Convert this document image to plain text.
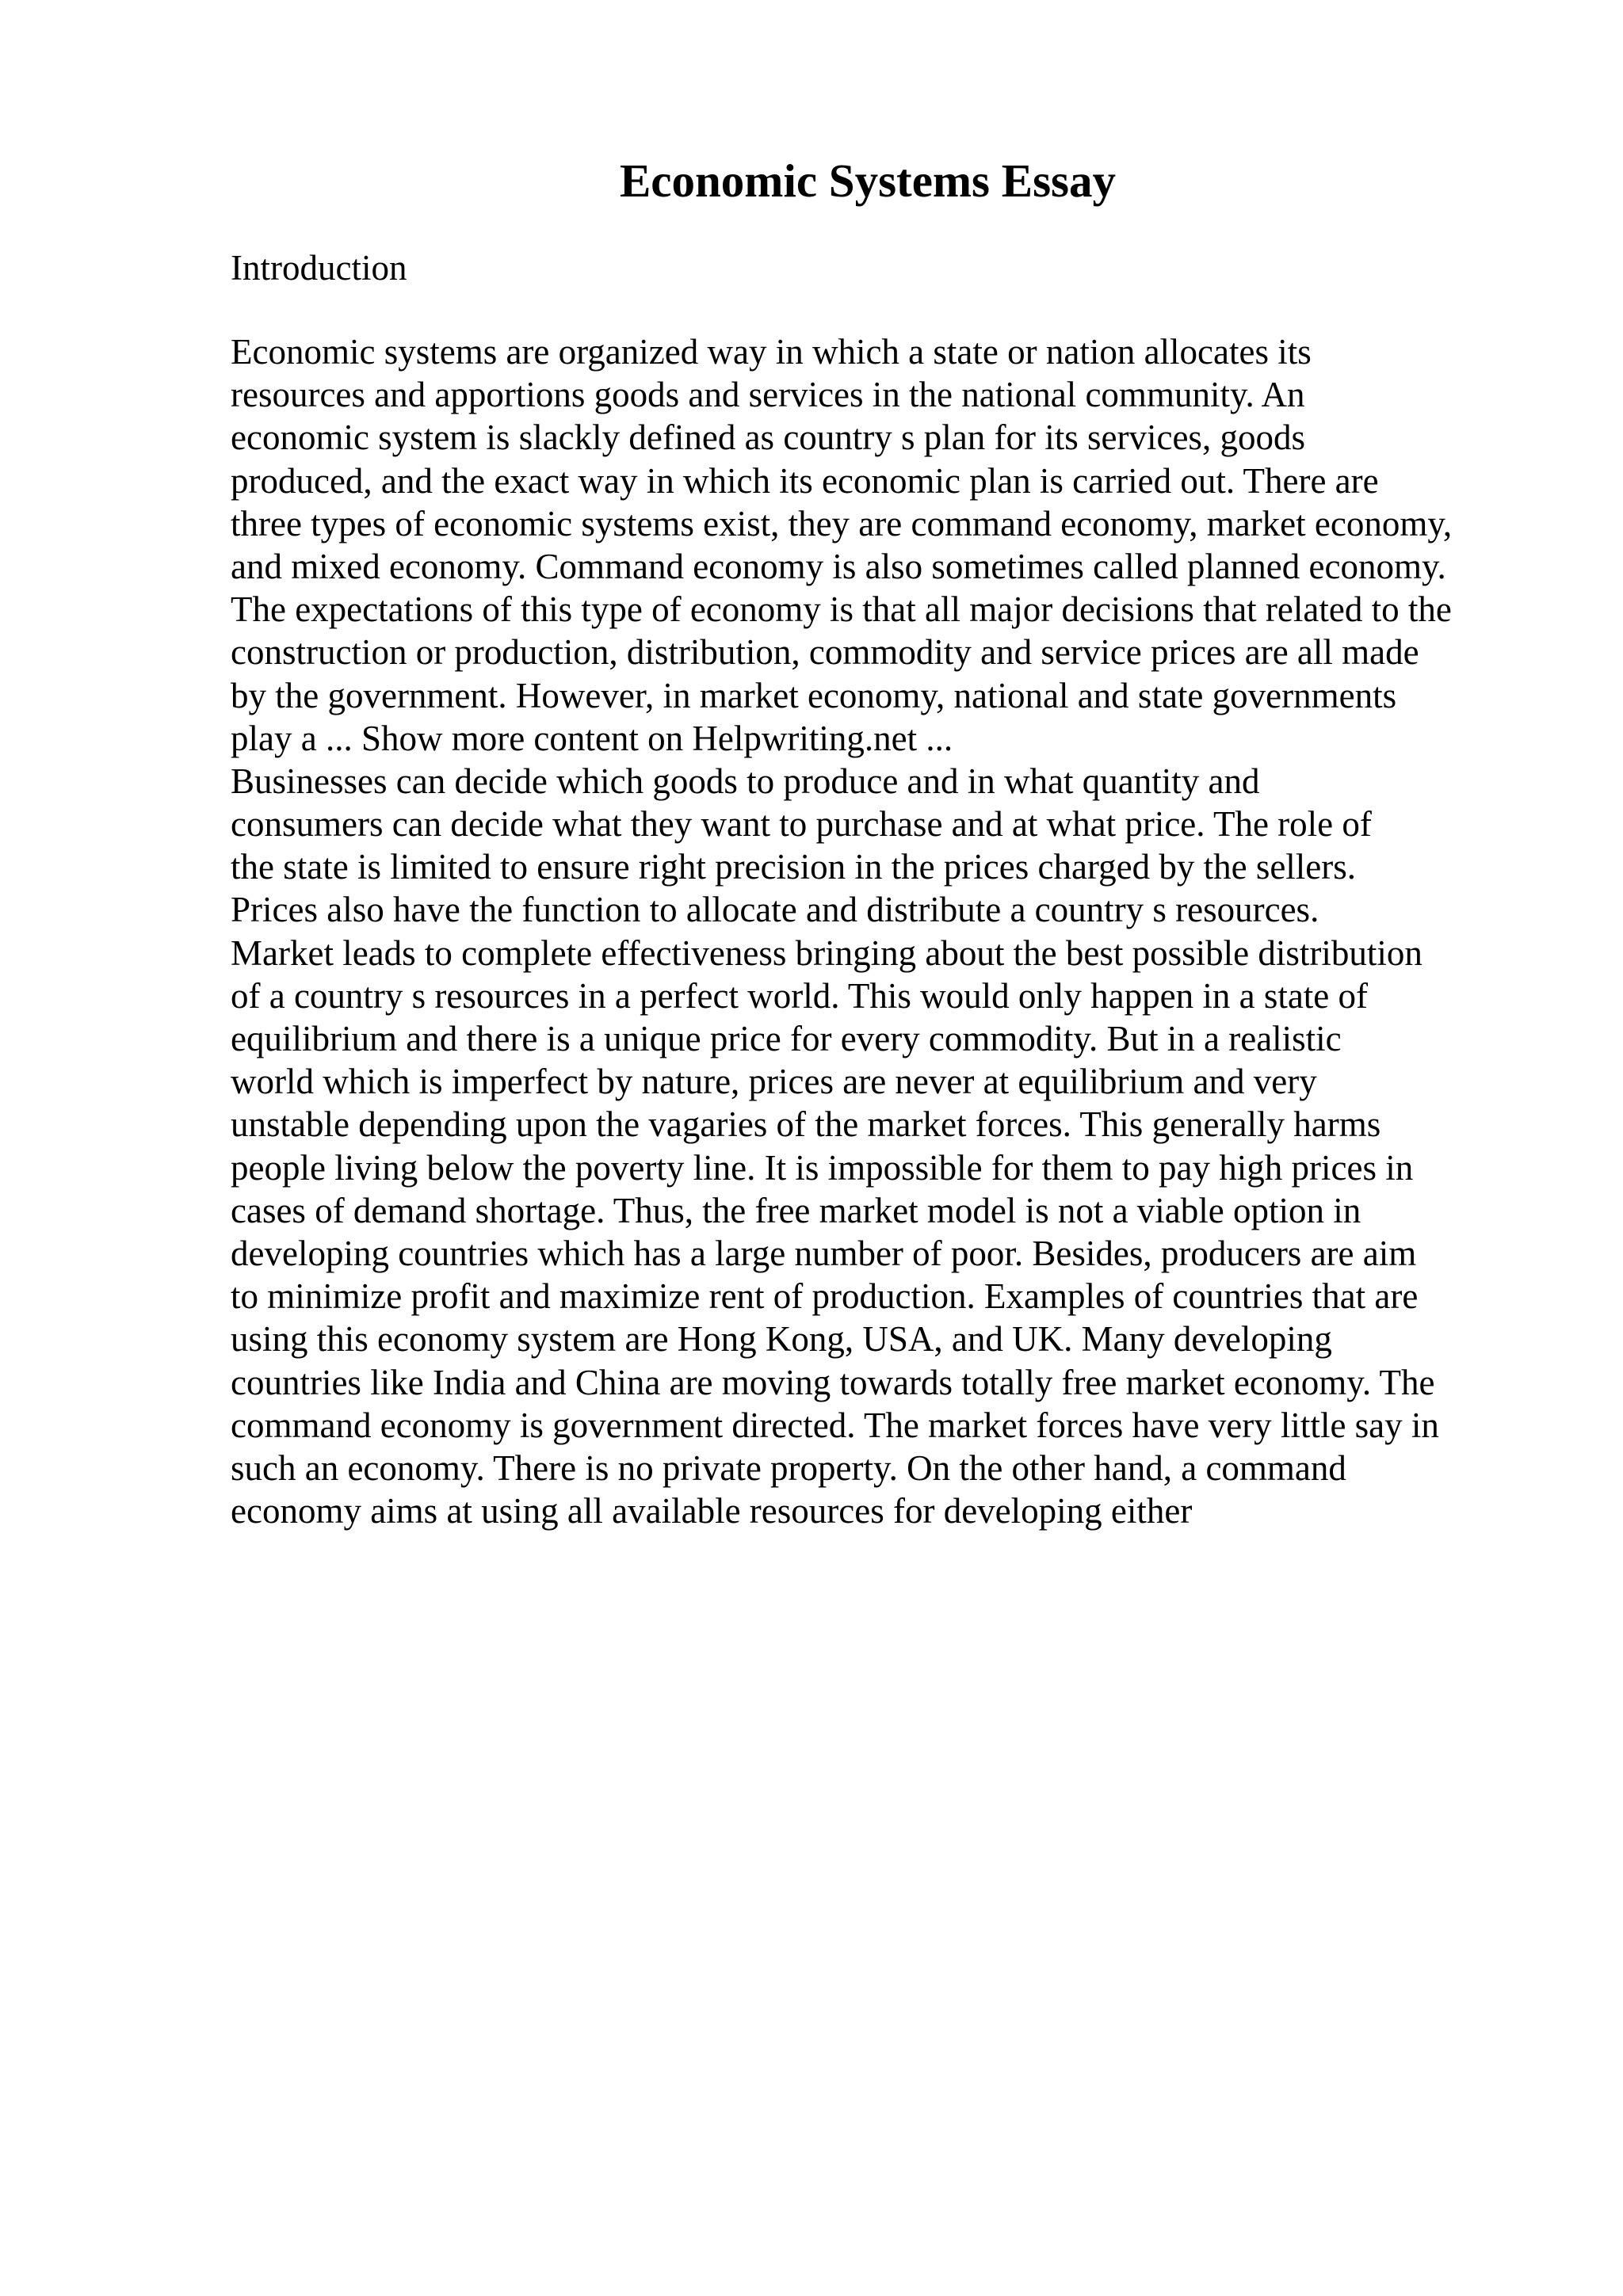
Economic Systems Essay

Introduction

Economic systems are organized way in which a state or nation allocates its
resources and apportions goods and services in the national community. An
economic system is slackly defined as country s plan for its services, goods
produced, and the exact way in which its economic plan is carried out. There are
three types of economic systems exist, they are command economy, market economy,
and mixed economy. Command economy is also sometimes called planned economy.
The expectations of this type of economy is that all major decisions that related to the
construction or production, distribution, commodity and service prices are all made
by the government. However, in market economy, national and state governments
play a ... Show more content on Helpwriting.net ...
Businesses can decide which goods to produce and in what quantity and
consumers can decide what they want to purchase and at what price. The role of
the state is limited to ensure right precision in the prices charged by the sellers.
Prices also have the function to allocate and distribute a country s resources.
Market leads to complete effectiveness bringing about the best possible distribution
of a country s resources in a perfect world. This would only happen in a state of
equilibrium and there is a unique price for every commodity. But in a realistic
world which is imperfect by nature, prices are never at equilibrium and very
unstable depending upon the vagaries of the market forces. This generally harms
people living below the poverty line. It is impossible for them to pay high prices in
cases of demand shortage. Thus, the free market model is not a viable option in
developing countries which has a large number of poor. Besides, producers are aim
to minimize profit and maximize rent of production. Examples of countries that are
using this economy system are Hong Kong, USA, and UK. Many developing
countries like India and China are moving towards totally free market economy. The
command economy is government directed. The market forces have very little say in
such an economy. There is no private property. On the other hand, a command
economy aims at using all available resources for developing either
